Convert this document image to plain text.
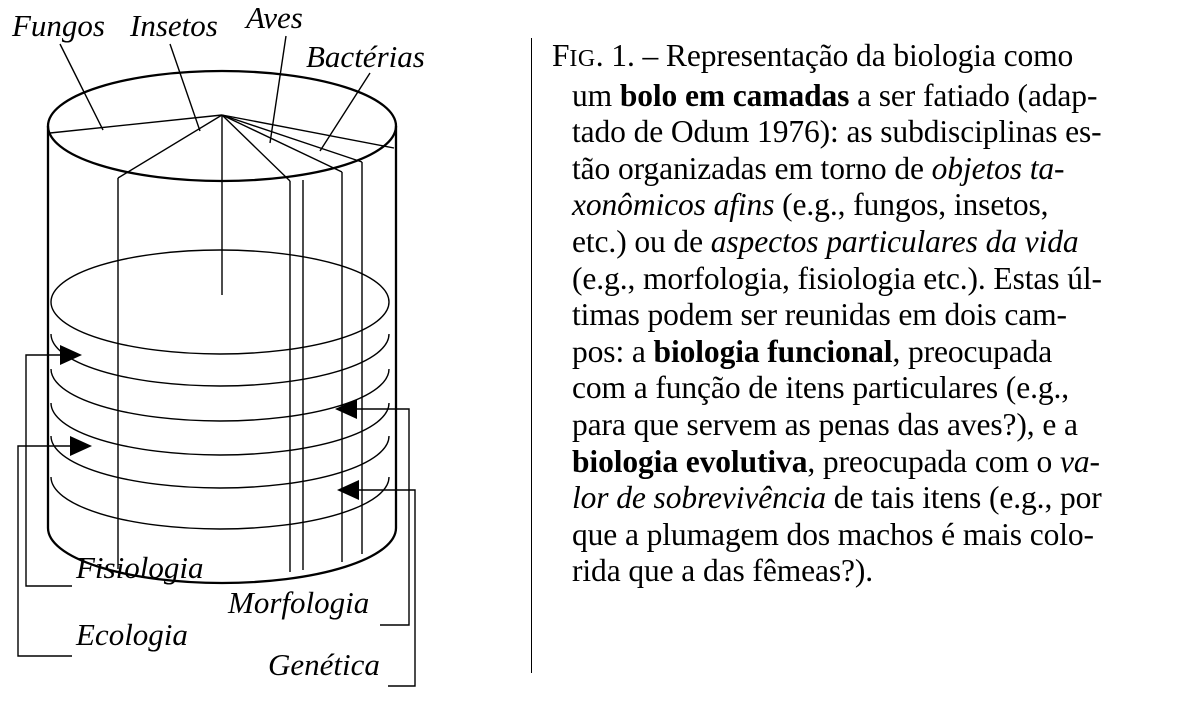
Fungos Insetos Aves
Bactérias
Fisiologia
Morfologia
Ecologia
Genética
FIG. 1. – Representação da biologia como
um bolo em camadas a ser fatiado (adap-
tado de Odum 1976): as subdisciplinas es-
tão organizadas em torno de objetos ta-
xonômicos afins (e.g., fungos, insetos,
etc.) ou de aspectos particulares da vida
(e.g., morfologia, fisiologia etc.). Estas úl-
timas podem ser reunidas em dois cam-
pos: a biologia funcional, preocupada
com a função de itens particulares (e.g.,
para que servem as penas das aves?), e a
biologia evolutiva, preocupada com o va-
lor de sobrevivência de tais itens (e.g., por
que a plumagem dos machos é mais colo-
rida que a das fêmeas?).
